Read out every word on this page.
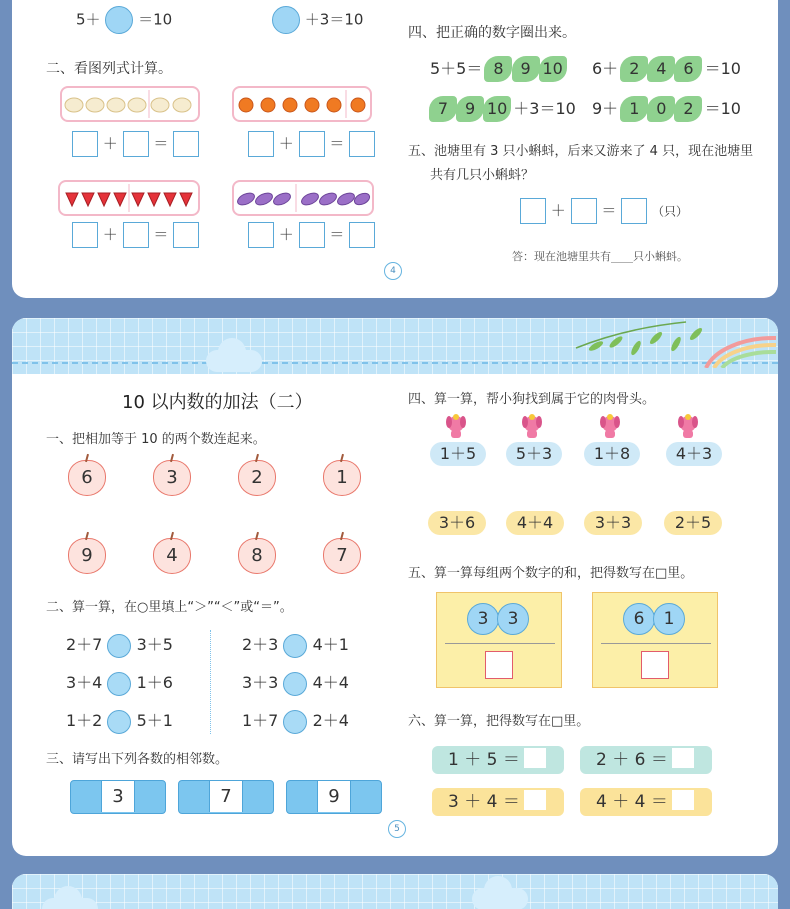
5＋	＝10	＋3＝10
二、看图列式计算。
＋ ＝	＋ ＝
＋ ＝	＋ ＝
四、把正确的数字圈出来。
5＋5＝ 8 9 10 6＋ 2 4 6 ＝10
7 9 10 ＋3＝10 9＋ 1 0 2 ＝10
五、池塘里有 3 只小蝌蚪，后来又游来了 4 只，现在池塘里
共有几只小蝌蚪？
＋ ＝	（只）
答：现在池塘里共有____只小蝌蚪。
4
10 以内数的加法（二）
一、把相加等于 10 的两个数连起来。
6	3	2	1
9	4	8	7
二、算一算，在○里填上“＞”“＜”或“＝”。
2＋7 3＋5
3＋4 1＋6
1＋2 5＋1
2＋3 4＋1
3＋3 4＋4
1＋7 2＋4
三、请写出下列各数的相邻数。
3	7	9
四、算一算，帮小狗找到属于它的肉骨头。
1＋5	5＋3	1＋8	4＋3
3＋6	4＋4	3＋3	2＋5
五、算一算每组两个数字的和，把得数写在□里。
3 3	6 1
六、算一算，把得数写在□里。
1 ＋ 5 ＝	2 ＋ 6 ＝
3 ＋ 4 ＝	4 ＋ 4 ＝
5
